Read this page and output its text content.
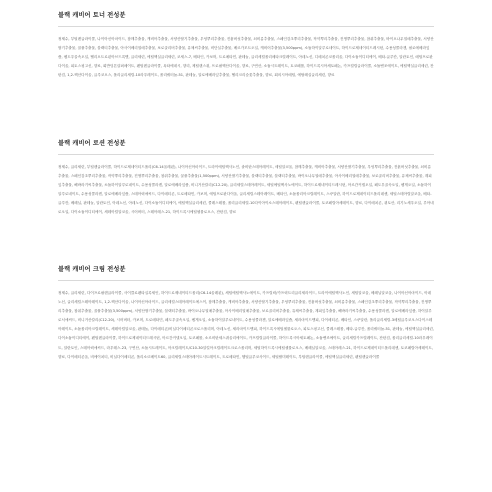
블랙 캐비어 토너 전성분

정제수, 부틸렌글라이콜, 나이아신아마이드, 참깨추출물, 캐비아추출물, 서양산딸기추출물, 우엉뿌리추출물, 진흙버섯추출물, 쇠비름추출물, 스페인감초뿌리추출물, 작약뿌리추출물, 진생뿌리추출물, 참취추출물, 바이오나무열매추출물, 서양산딸기추출물, 꿀풀추출물, 블랙티추출물, 아사이베리열매추출물, 보로골리버추출물, 유채씨추출물, 비단실추출물, 베르가모트오일, 캐비어추출물(3,500ppm), 소듐하이알루로네이트, 하이드로제네이티드레시틴, 수용성콜라겐, 펄로에베라잎즙, 펩도우골속오일, 헬리오트로핀아브드록엔, 글리세린, 에틸헥실글리세린, 코세스-7, 베타인, 카보머, 트로메타민, 판테놀, 글리세릴폴리메타크릴레이트, 아데노신, 디메치콘코폴리올, 다이소듐이디티에이, 베타-글루칸, 알란토인, 메틸프로판다이올, 피토스핑고신, 향료, 회반딩톤살퍼메이트, 펜틸렌글라이콜, 옥타에네시, 향리, 제틸랜스퀴, 프로필헥산다이올, 향료, 구연산, 소듐시트레이트, 토코페롤, 하이드록시아세토페논, 카프릴릴글라이콜, 소듐벤조에이트, 에틸헥실글리세린, 잔탄검, 1,2-헥산다이올, 글루코오스, 폴리글리세릴-10라우레이트, 폴리쿼터늄-51, 판테놀, 알로에베라잎추출물, 헬리크리숨꽃추출물, 향료, 회의시아메틸, 에탈헤실글리세린, 향료

블랙 캐비어 로션 전성분

정제수, 글리세린, 부틸렌글라이콜, 하이드로제네이티드폴리(C6-14올레핀), 나이아신아마이드, 트라이에틸헥사노인, 솔비탄스테아레이트, 세틸알코올, 참깨추출물, 캐비아추출물, 서양산딸기추출물, 우엉뿌리추출물, 진흙버섯추출물, 쇠비름추출물, 스페인감초뿌리추출물, 작약뿌리추출물, 진생뿌리추출물, 참취추출물, 꿀풀추출물(1,500ppm), 서양산딸기추출물, 블랙티추출물, 블랙티추출물, 바이오나무열매추출물, 아사이베리열매추출물, 보로골리버추출물, 유채씨추출물, 계피잎추출물, 해바라기씨추출물, 소듐하이알루로네이트, 수용성콜라겐, 알로에베라잎즙, 비니거산칼리(C12-20), 글리세릴스테아레이트, 세틸에틸헥사노에이트, 하이드로제네이티드레시틴, 아르간커넬오일, 페도우골속오일, 펩게오일, 소듐하이알루로네이트, 수용성콜라겐, 알로에베라잎즙, 스테아릭애씨드, 다이메티콘, 트로메타민, 카보머, 에틸프로판다이올, 글리세릴스테아레이트, 베타인, 소듐폴리아크릴레이트, 스쿠알란, 하이드로제네이티드폴리데센, 세틸스테아릴알코올, 베타-글루칸, 베헤닐, 판테놀, 알란토인, 아데노신, 아데노신, 다이소듐이디티에이, 에틸헥실글리세린, 콜레스테롤, 폴리글리세릴-10다이아이소스테아레이트, 펜틸렌글라이콜, 토코페릴아세테이트, 향료, 다이메치콘, 퀴토산, 리기노세우오일, 루아네로오일, 다이소듐이디티에이, 세테아릴알코올, 시어버터, 스테아레스-21, 하이드록시에틸셀룰로오스, 잔탄검, 향료

블랙 캐비어 크림 전성분

정제수, 글리세린, 다이프로필렌글라이콜, 사이클로펜타실록세인, 하이드로제네이티드폴리(C6-14올레핀), 세틸에틸헥사노에이트, 카프릴릭/카프릭트리글리세라이드, 트라이에틸헥사노인, 세틸알코올, 베헤닐알코올, 나이아신아마이드, 아데노신, 글리세릴스테아레이트, 1,2-헥산다이올, 나이아신아마이드, 글리세릴스테아레이트에스이, 참깨추출물, 캐비아추출물, 서양산딸기추출물, 우엉뿌리추출물, 진흙버섯추출물, 쇠비름추출물, 스페인감초뿌리추출물, 작약뿌리추출물, 진생뿌리추출물, 참취추출물, 꿀풀추출물(3,500ppm), 서양산딸기추출물, 블랙티추출물, 바이오나무열매추출물, 아사이베리열매추출물, 보로골리버추출물, 유채씨추출물, 계피잎추출물, 해바라기씨추출물, 수용성콜라겐, 알로에베라잎즙, 하이알루로닉애씨드, 비니거산칼리(C12-20), 시어버터, 카보머, 트로메타민, 페도우골속오일, 펩게오일, 소듐하이알루로네이트, 수용성콜라겐, 알로에베라잎즙, 세라마이드엔피, 다이메티콘, 베타인, 스쿠알란, 폴리글리세릴-3메틸글루코오스다이스테아레이트, 소듐폴리아크릴레이트, 세테아릴알코올, 판테놀, 다이메티콘/비닐다이메티콘크로스폴리머, 아데노신, 세라마이드엔피, 하이드록시에틸셀룰로오스, 피토스핑고신, 콜레스테롤, 베타-글루칸, 폴리쿼터늄-51, 판테놀, 에틸헥실글리세린, 다이소듐이디티에이, 펜틸렌글라이콜, 하이드로제네이티드레시틴, 아르간커넬오일, 토코페롤, 소르비탄세스퀴올리에이트, 카프릴릴글라이콜, 하이드록시아세토페논, 소듐벤조에이트, 글리세릴카프릴레이트, 잔탄검, 폴리글리세릴-10라우레이트, 알란토인, 스테아릭애씨드, 라우레스-23, 구연산, 소듐시트레이트, 아크릴레이트/C10-30알킬아크릴레이트크로스폴리머, 세틸하이드록시에틸셀룰로오스, 베헤닐알코올, 스테아레스-21, 하이드로제네이티드폴리데센, 토코페릴아세테이트, 향료, 다이메티콘올, 비에이치티, 비닐다이메티콘, 폴리소르베이트60, 글리세릴스테아레이트시트레이트, 트로메타민, 헵틸글루코사이드, 세틸팔미테이트, 부틸렌글라이콜, 에틸헥실글리세린, 펜틸렌글라이콜
